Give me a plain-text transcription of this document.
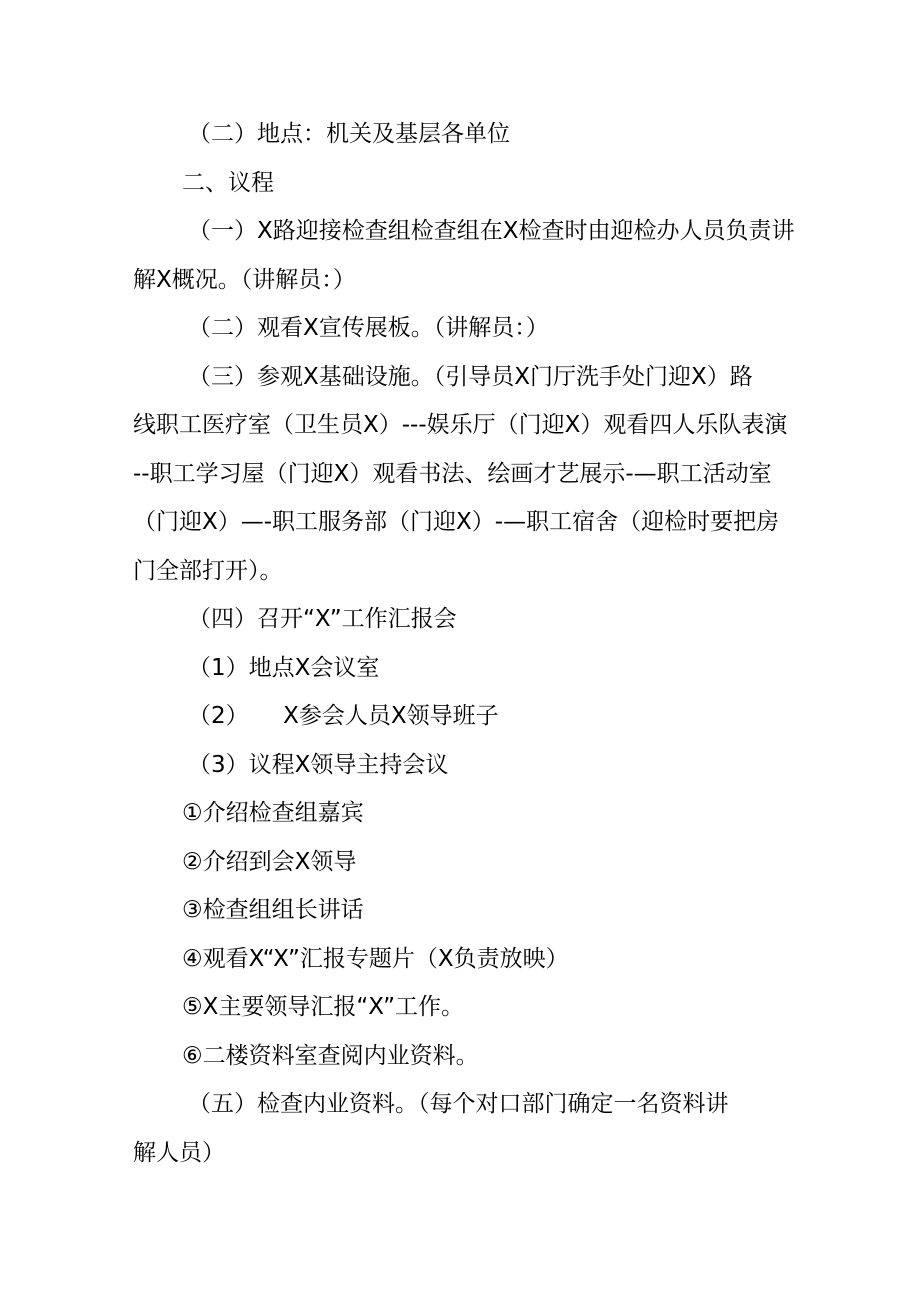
（二）地点：机关及基层各单位
二、议程
（一）X路迎接检查组检查组在X检查时由迎检办人员负责讲
解X概况。（讲解员：）
（二）观看X宣传展板。（讲解员：）
（三）参观X基础设施。（引导员X门厅洗手处门迎X）路
线职工医疗室（卫生员X）---娱乐厅（门迎X）观看四人乐队表演
--职工学习屋（门迎X）观看书法、绘画才艺展示-—职工活动室
（门迎X）—-职工服务部（门迎X）-—职工宿舍（迎检时要把房
门全部打开）。
（四）召开“X”工作汇报会
（1）地点X会议室
（2）　　X参会人员X领导班子
（3）议程X领导主持会议
①介绍检查组嘉宾
②介绍到会X领导
③检查组组长讲话
④观看X“X”汇报专题片（X负责放映）
⑤X主要领导汇报“X”工作。
⑥二楼资料室查阅内业资料。
（五）检查内业资料。（每个对口部门确定一名资料讲
解人员）
